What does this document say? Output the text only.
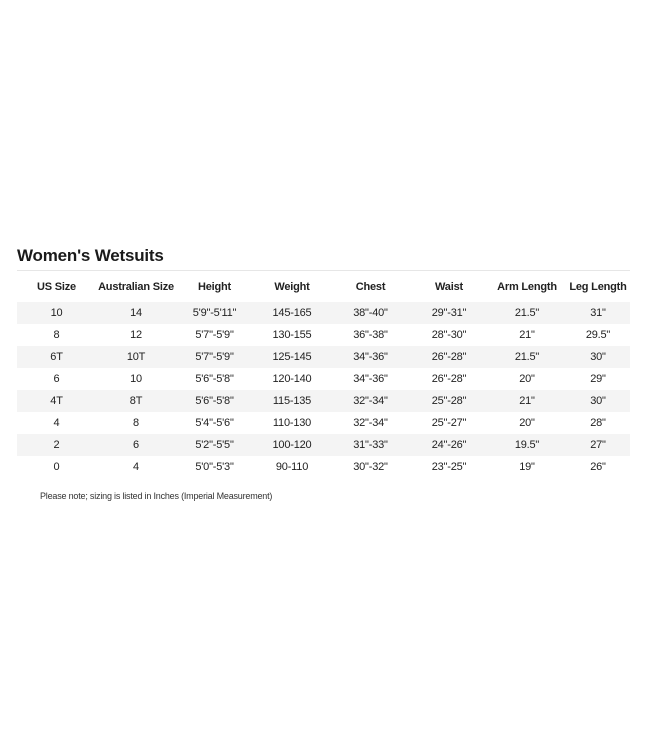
Women's Wetsuits
US Size	Australian Size	Height	Weight	Chest	Waist	Arm Length	Leg Length
10	14	5'9"-5'11"	145-165	38"-40"	29"-31"	21.5"	31"
8	12	5'7"-5'9"	130-155	36"-38"	28"-30"	21"	29.5"
6T	10T	5'7"-5'9"	125-145	34"-36"	26"-28"	21.5"	30"
6	10	5'6"-5'8"	120-140	34"-36"	26"-28"	20"	29"
4T	8T	5'6"-5'8"	115-135	32"-34"	25"-28"	21"	30"
4	8	5'4"-5'6"	110-130	32"-34"	25"-27"	20"	28"
2	6	5'2"-5'5"	100-120	31"-33"	24"-26"	19.5"	27"
0	4	5'0"-5'3"	90-110	30"-32"	23"-25"	19"	26"
Please note; sizing is listed in Inches (Imperial Measurement)
